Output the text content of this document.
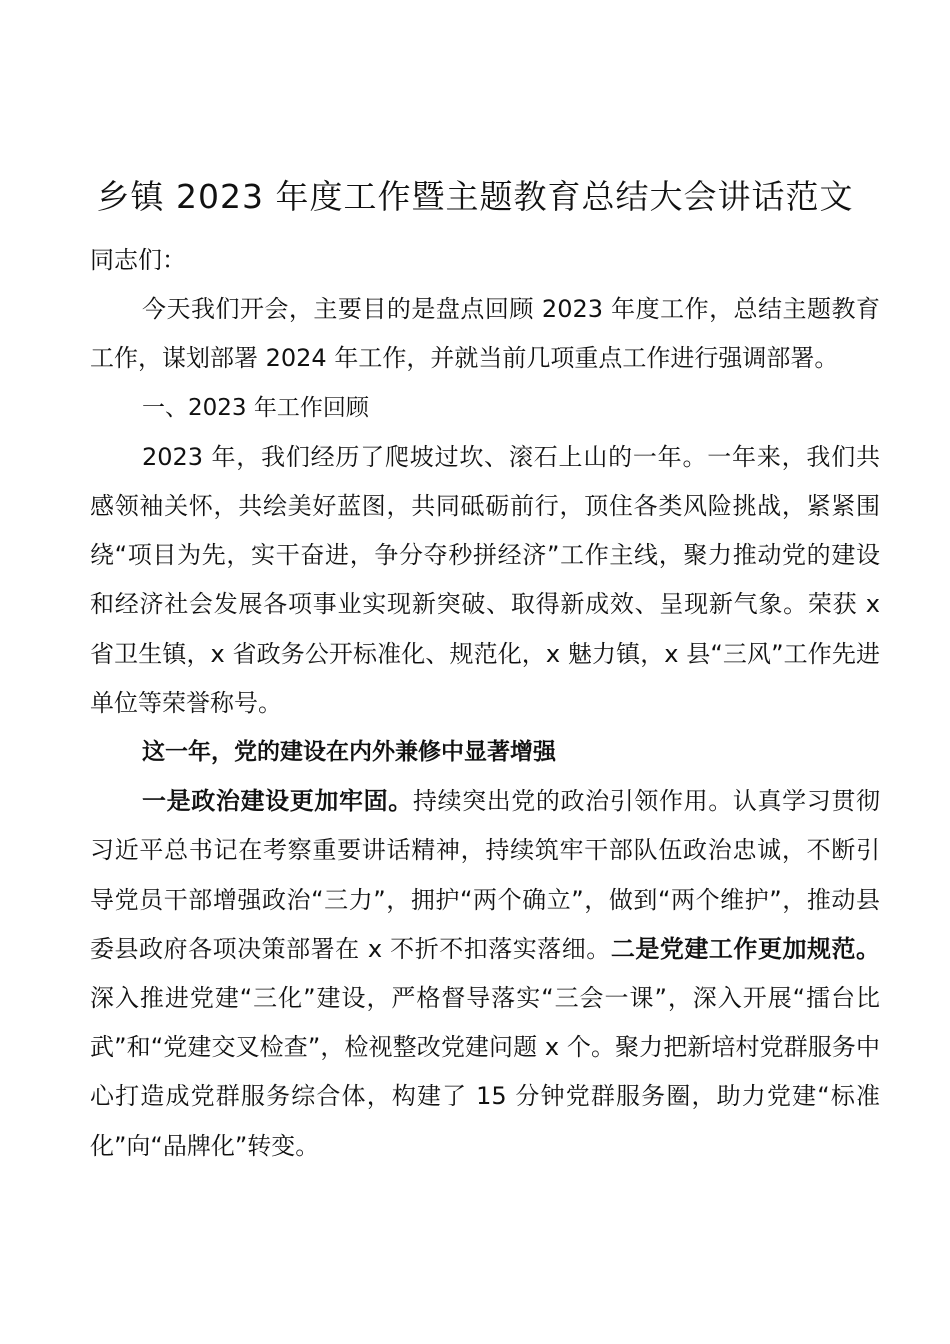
乡镇 2023 年度工作暨主题教育总结大会讲话范文

同志们：

今天我们开会，主要目的是盘点回顾 2023 年度工作，总结主题教育工作，谋划部署 2024 年工作，并就当前几项重点工作进行强调部署。

一、2023 年工作回顾

2023 年，我们经历了爬坡过坎、滚石上山的一年。一年来，我们共感领袖关怀，共绘美好蓝图，共同砥砺前行，顶住各类风险挑战，紧紧围绕“项目为先，实干奋进，争分夺秒拼经济”工作主线，聚力推动党的建设和经济社会发展各项事业实现新突破、取得新成效、呈现新气象。荣获 x 省卫生镇，x 省政务公开标准化、规范化，x 魅力镇，x 县“三风”工作先进单位等荣誉称号。

这一年，党的建设在内外兼修中显著增强

一是政治建设更加牢固。持续突出党的政治引领作用。认真学习贯彻习近平总书记在考察重要讲话精神，持续筑牢干部队伍政治忠诚，不断引导党员干部增强政治“三力”，拥护“两个确立”，做到“两个维护”，推动县委县政府各项决策部署在 x 不折不扣落实落细。二是党建工作更加规范。深入推进党建“三化”建设，严格督导落实“三会一课”，深入开展“擂台比武”和“党建交叉检查”，检视整改党建问题 x 个。聚力把新培村党群服务中心打造成党群服务综合体，构建了 15 分钟党群服务圈，助力党建“标准化”向“品牌化”转变。
